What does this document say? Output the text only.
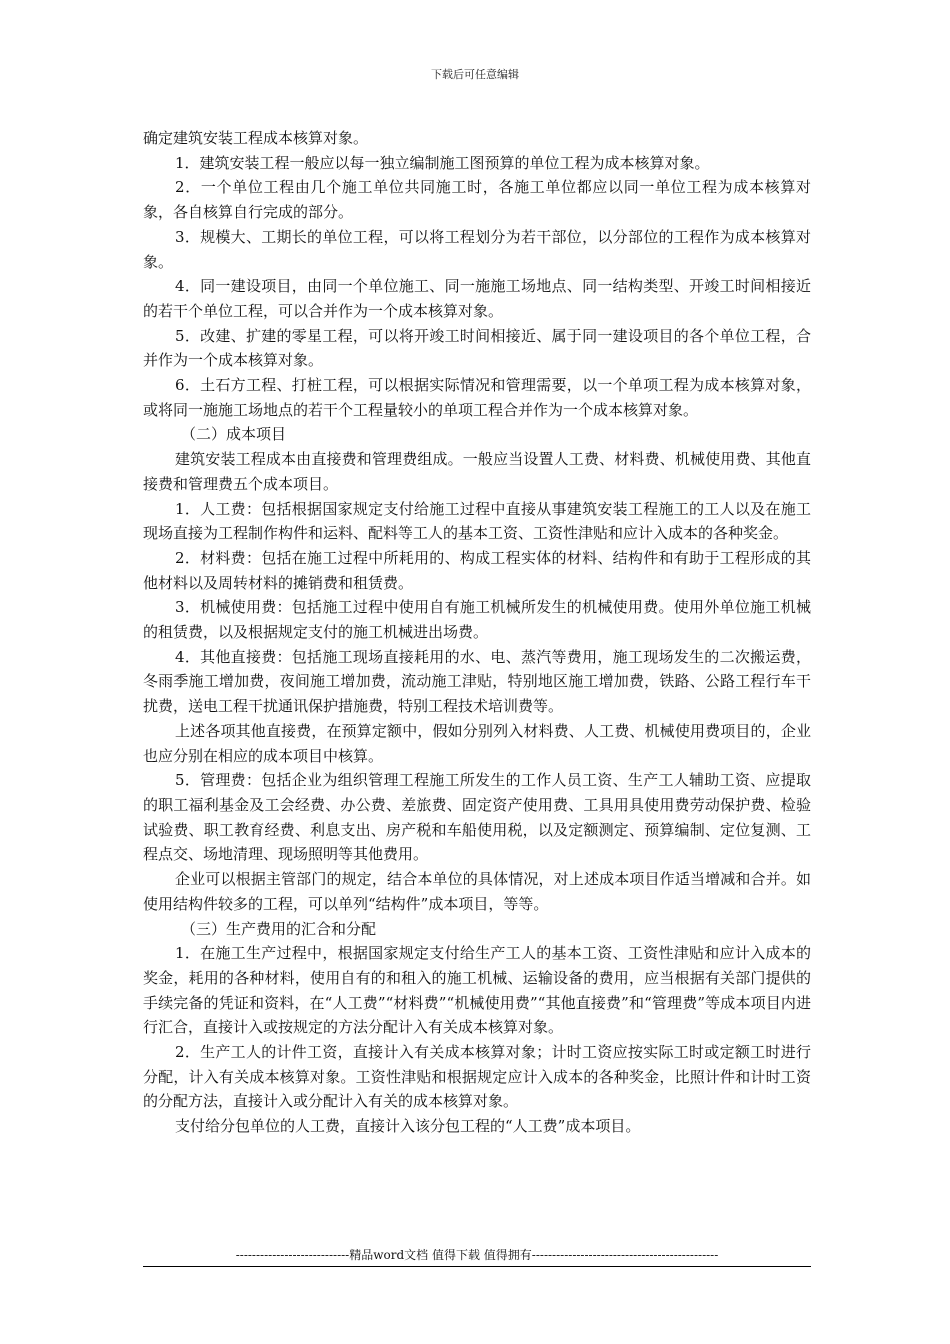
下载后可任意编辑

确定建筑安装工程成本核算对象。

1．建筑安装工程一般应以每一独立编制施工图预算的单位工程为成本核算对象。

2．一个单位工程由几个施工单位共同施工时，各施工单位都应以同一单位工程为成本核算对象，各自核算自行完成的部分。

3．规模大、工期长的单位工程，可以将工程划分为若干部位，以分部位的工程作为成本核算对象。

4．同一建设项目，由同一个单位施工、同一施施工场地点、同一结构类型、开竣工时间相接近的若干个单位工程，可以合并作为一个成本核算对象。

5．改建、扩建的零星工程，可以将开竣工时间相接近、属于同一建设项目的各个单位工程，合并作为一个成本核算对象。

6．土石方工程、打桩工程，可以根据实际情况和管理需要，以一个单项工程为成本核算对象，或将同一施施工场地点的若干个工程量较小的单项工程合并作为一个成本核算对象。

（二）成本项目

建筑安装工程成本由直接费和管理费组成。一般应当设置人工费、材料费、机械使用费、其他直接费和管理费五个成本项目。

1．人工费：包括根据国家规定支付给施工过程中直接从事建筑安装工程施工的工人以及在施工现场直接为工程制作构件和运料、配料等工人的基本工资、工资性津贴和应计入成本的各种奖金。

2．材料费：包括在施工过程中所耗用的、构成工程实体的材料、结构件和有助于工程形成的其他材料以及周转材料的摊销费和租赁费。

3．机械使用费：包括施工过程中使用自有施工机械所发生的机械使用费。使用外单位施工机械的租赁费，以及根据规定支付的施工机械进出场费。

4．其他直接费：包括施工现场直接耗用的水、电、蒸汽等费用，施工现场发生的二次搬运费，冬雨季施工增加费，夜间施工增加费，流动施工津贴，特别地区施工增加费，铁路、公路工程行车干扰费，送电工程干扰通讯保护措施费，特别工程技术培训费等。

上述各项其他直接费，在预算定额中，假如分别列入材料费、人工费、机械使用费项目的，企业也应分别在相应的成本项目中核算。

5．管理费：包括企业为组织管理工程施工所发生的工作人员工资、生产工人辅助工资、应提取的职工福利基金及工会经费、办公费、差旅费、固定资产使用费、工具用具使用费劳动保护费、检验试验费、职工教育经费、利息支出、房产税和车船使用税，以及定额测定、预算编制、定位复测、工程点交、场地清理、现场照明等其他费用。

企业可以根据主管部门的规定，结合本单位的具体情况，对上述成本项目作适当增减和合并。如使用结构件较多的工程，可以单列“结构件”成本项目，等等。

（三）生产费用的汇合和分配

1．在施工生产过程中，根据国家规定支付给生产工人的基本工资、工资性津贴和应计入成本的奖金，耗用的各种材料，使用自有的和租入的施工机械、运输设备的费用，应当根据有关部门提供的手续完备的凭证和资料，在“人工费”“材料费”“机械使用费”“其他直接费”和“管理费”等成本项目内进行汇合，直接计入或按规定的方法分配计入有关成本核算对象。

2．生产工人的计件工资，直接计入有关成本核算对象；计时工资应按实际工时或定额工时进行分配，计入有关成本核算对象。工资性津贴和根据规定应计入成本的各种奖金，比照计件和计时工资的分配方法，直接计入或分配计入有关的成本核算对象。

支付给分包单位的人工费，直接计入该分包工程的“人工费”成本项目。

----------------------------精品word文档 值得下载 值得拥有----------------------------------------------
